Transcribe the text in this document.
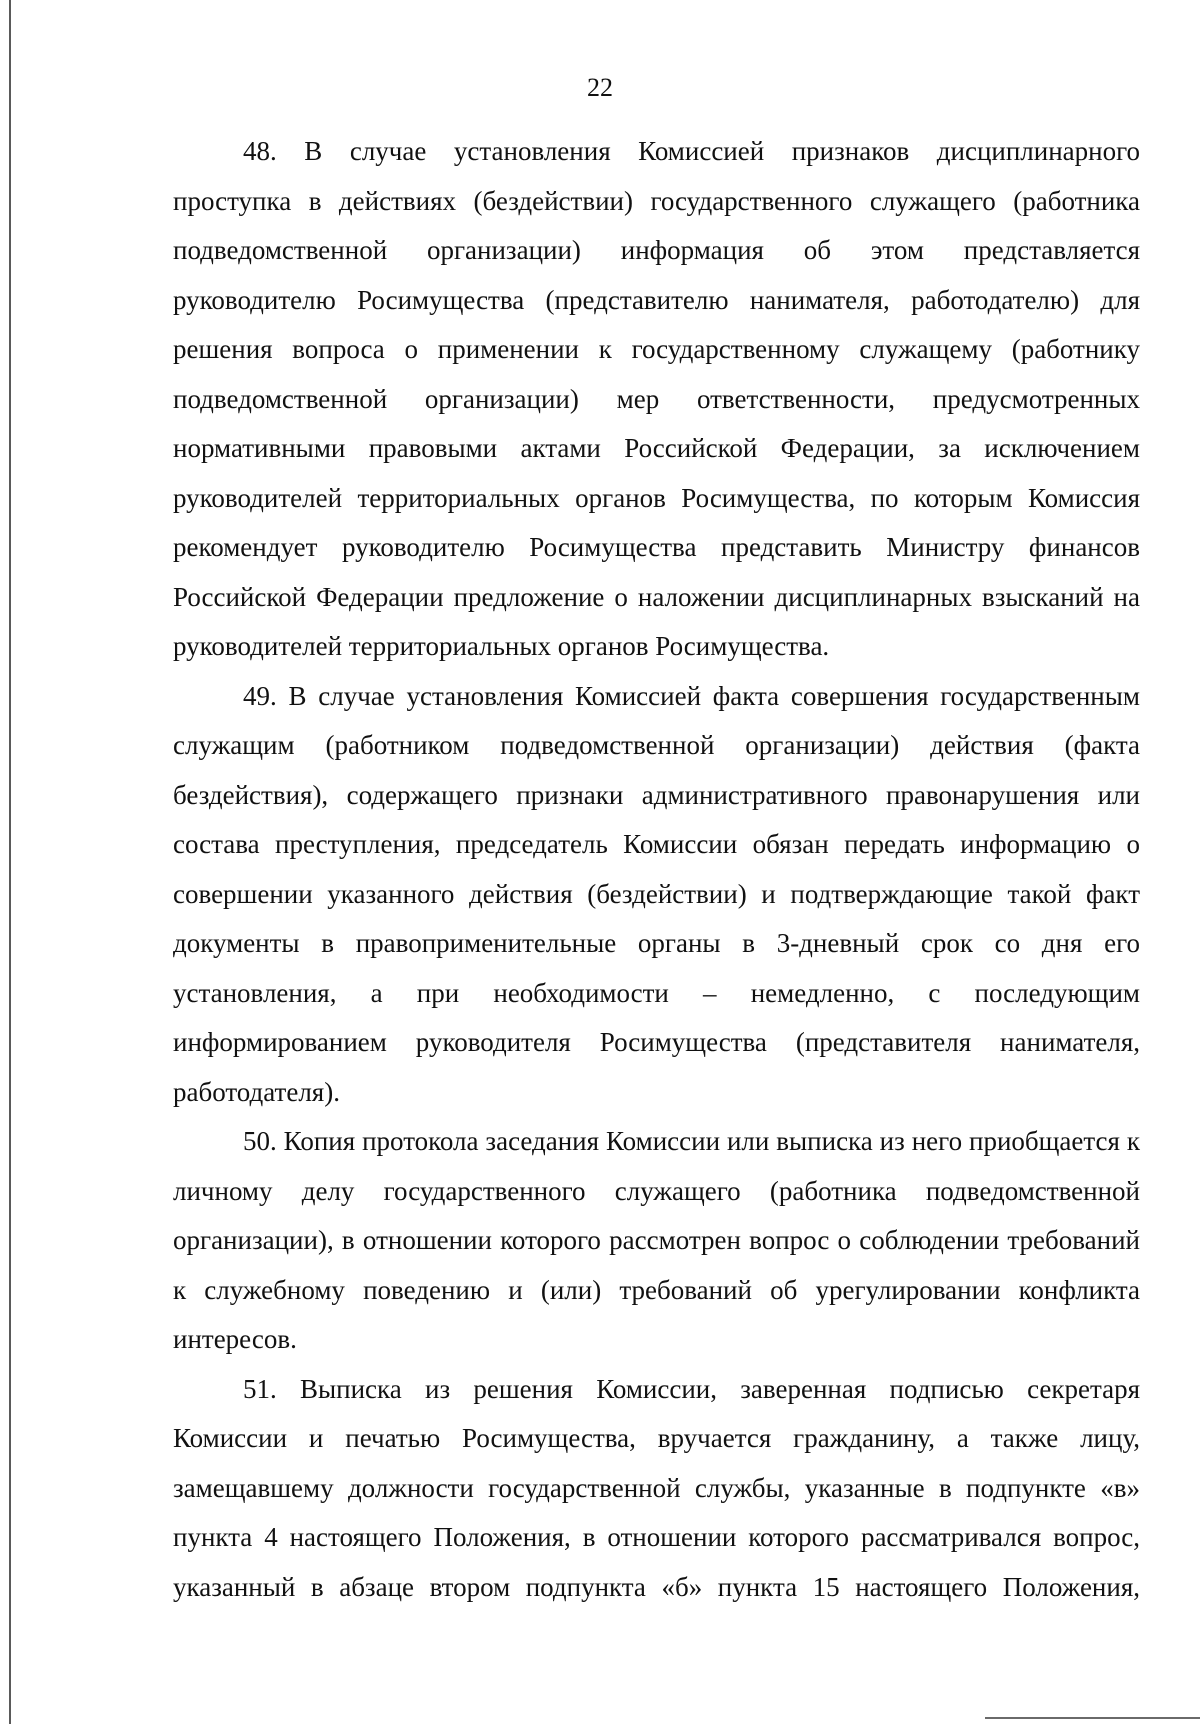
22

48. В случае установления Комиссией признаков дисциплинарного проступка в действиях (бездействии) государственного служащего (работника подведомственной организации) информация об этом представляется руководителю Росимущества (представителю нанимателя, работодателю) для решения вопроса о применении к государственному служащему (работнику подведомственной организации) мер ответственности, предусмотренных нормативными правовыми актами Российской Федерации, за исключением руководителей территориальных органов Росимущества, по которым Комиссия рекомендует руководителю Росимущества представить Министру финансов Российской Федерации предложение о наложении дисциплинарных взысканий на руководителей территориальных органов Росимущества.

49. В случае установления Комиссией факта совершения государственным служащим (работником подведомственной организации) действия (факта бездействия), содержащего признаки административного правонарушения или состава преступления, председатель Комиссии обязан передать информацию о совершении указанного действия (бездействии) и подтверждающие такой факт документы в правоприменительные органы в 3-дневный срок со дня его установления, а при необходимости – немедленно, с последующим информированием руководителя Росимущества (представителя нанимателя, работодателя).

50. Копия протокола заседания Комиссии или выписка из него приобщается к личному делу государственного служащего (работника подведомственной организации), в отношении которого рассмотрен вопрос о соблюдении требований к служебному поведению и (или) требований об урегулировании конфликта интересов.

51. Выписка из решения Комиссии, заверенная подписью секретаря Комиссии и печатью Росимущества, вручается гражданину, а также лицу, замещавшему должности государственной службы, указанные в подпункте «в» пункта 4 настоящего Положения, в отношении которого рассматривался вопрос, указанный в абзаце втором подпункта «б» пункта 15 настоящего Положения,
